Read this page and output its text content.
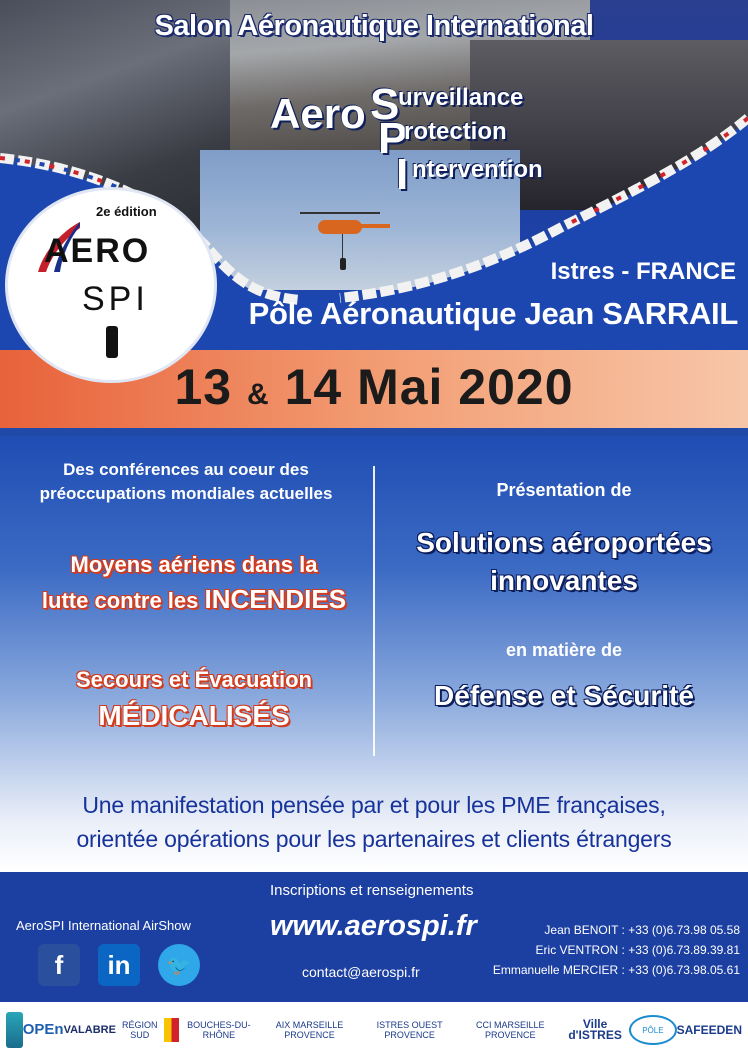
Salon Aéronautique International
Aero S
urveillance
P
rotection
I ntervention
Istres - FRANCE
Pôle Aéronautique Jean SARRAIL
2e édition
AERO
SPI
13 & 14 Mai 2020
Des conférences au coeur des
préoccupations mondiales actuelles
Moyens aériens dans la
lutte contre les INCENDIES
Secours et Évacuation
MÉDICALISÉS
Présentation de
Solutions aéroportées
innovantes
en matière de
Défense et Sécurité
Une manifestation pensée par et pour les PME françaises,
orientée opérations pour les partenaires et clients étrangers
Inscriptions et renseignements
AeroSPI International AirShow	www.aerospi.fr
contact@aerospi.fr
f	in	🐦
Jean BENOIT : +33 (0)6.73.98 05.58
Eric VENTRON : +33 (0)6.73.89.39.81
Emmanuelle MERCIER : +33 (0)6.73.98.05.61
OPEn VALABRE RÉGION SUD
BOUCHES-DU-RHÔNE
AIX MARSEILLE PROVENCE
ISTRES OUEST PROVENCE
CCI MARSEILLE PROVENCE
Ville d'ISTRES	PÔLE SAFE EDEN
